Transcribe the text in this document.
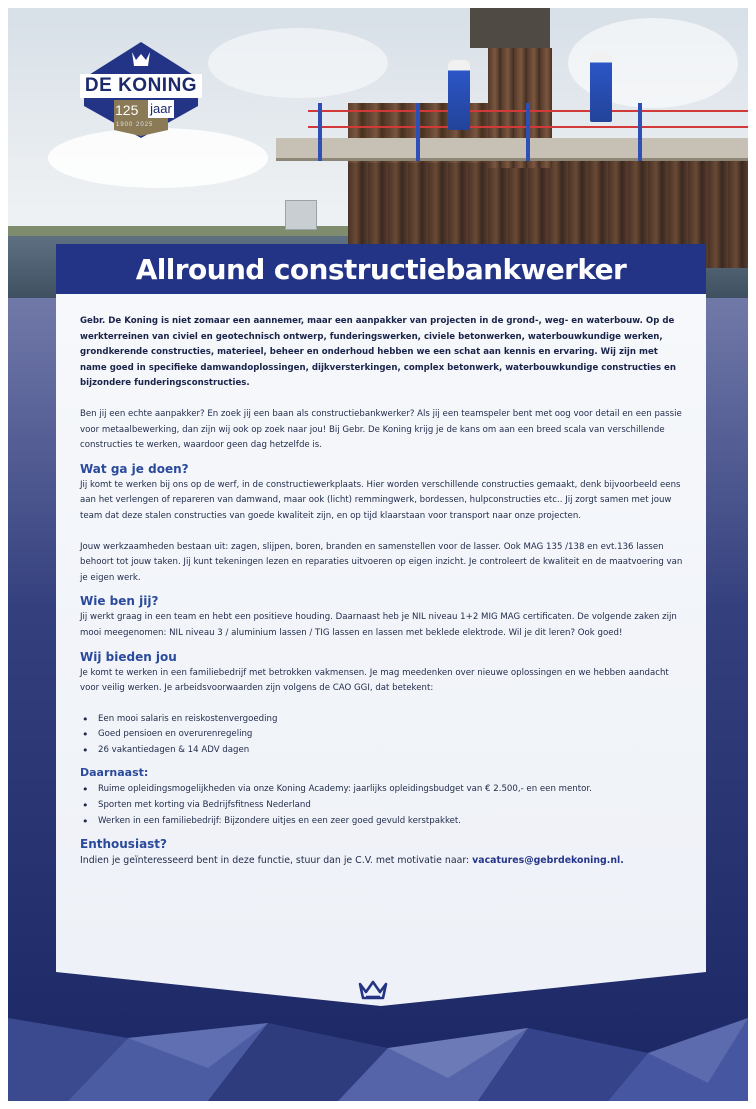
DE KONING
125 jaar
1900 2025
Allround constructiebankwerker

Gebr. De Koning is niet zomaar een aannemer, maar een aanpakker van projecten in de grond-, weg- en waterbouw. Op de werkterreinen van civiel en geotechnisch ontwerp, funderingswerken, civiele betonwerken, waterbouwkundige werken, grondkerende constructies, materieel, beheer en onderhoud hebben we een schat aan kennis en ervaring. Wij zijn met name goed in specifieke damwandoplossingen, dijkversterkingen, complex betonwerk, waterbouwkundige constructies en bijzondere funderingsconstructies.

Ben jij een echte aanpakker? En zoek jij een baan als constructiebankwerker? Als jij een teamspeler bent met oog voor detail en een passie voor metaalbewerking, dan zijn wij ook op zoek naar jou! Bij Gebr. De Koning krijg je de kans om aan een breed scala van verschillende constructies te werken, waardoor geen dag hetzelfde is.

Wat ga je doen?

Jij komt te werken bij ons op de werf, in de constructiewerkplaats. Hier worden verschillende constructies gemaakt, denk bijvoorbeeld eens aan het verlengen of repareren van damwand, maar ook (licht) remmingwerk, bordessen, hulpconstructies etc.. Jij zorgt samen met jouw team dat deze stalen constructies van goede kwaliteit zijn, en op tijd klaarstaan voor transport naar onze projecten.

Jouw werkzaamheden bestaan uit: zagen, slijpen, boren, branden en samenstellen voor de lasser. Ook MAG 135 /138 en evt.136 lassen behoort tot jouw taken. Jij kunt tekeningen lezen en reparaties uitvoeren op eigen inzicht. Je controleert de kwaliteit en de maatvoering van je eigen werk.

Wie ben jij?

Jij werkt graag in een team en hebt een positieve houding. Daarnaast heb je NIL niveau 1+2 MIG MAG certificaten. De volgende zaken zijn mooi meegenomen: NIL niveau 3 / aluminium lassen / TIG lassen en lassen met beklede elektrode. Wil je dit leren? Ook goed!

Wij bieden jou

Je komt te werken in een familiebedrijf met betrokken vakmensen. Je mag meedenken over nieuwe oplossingen en we hebben aandacht voor veilig werken. Je arbeidsvoorwaarden zijn volgens de CAO GGI, dat betekent:

• Een mooi salaris en reiskostenvergoeding
• Goed pensioen en overurenregeling
• 26 vakantiedagen & 14 ADV dagen
Daarnaast:
• Ruime opleidingsmogelijkheden via onze Koning Academy: jaarlijks opleidingsbudget van € 2.500,- en een mentor.
• Sporten met korting via Bedrijfsfitness Nederland
• Werken in een familiebedrijf: Bijzondere uitjes en een zeer goed gevuld kerstpakket.
Enthousiast?

Indien je geïnteresseerd bent in deze functie, stuur dan je C.V. met motivatie naar: vacatures@gebrdekoning.nl.
